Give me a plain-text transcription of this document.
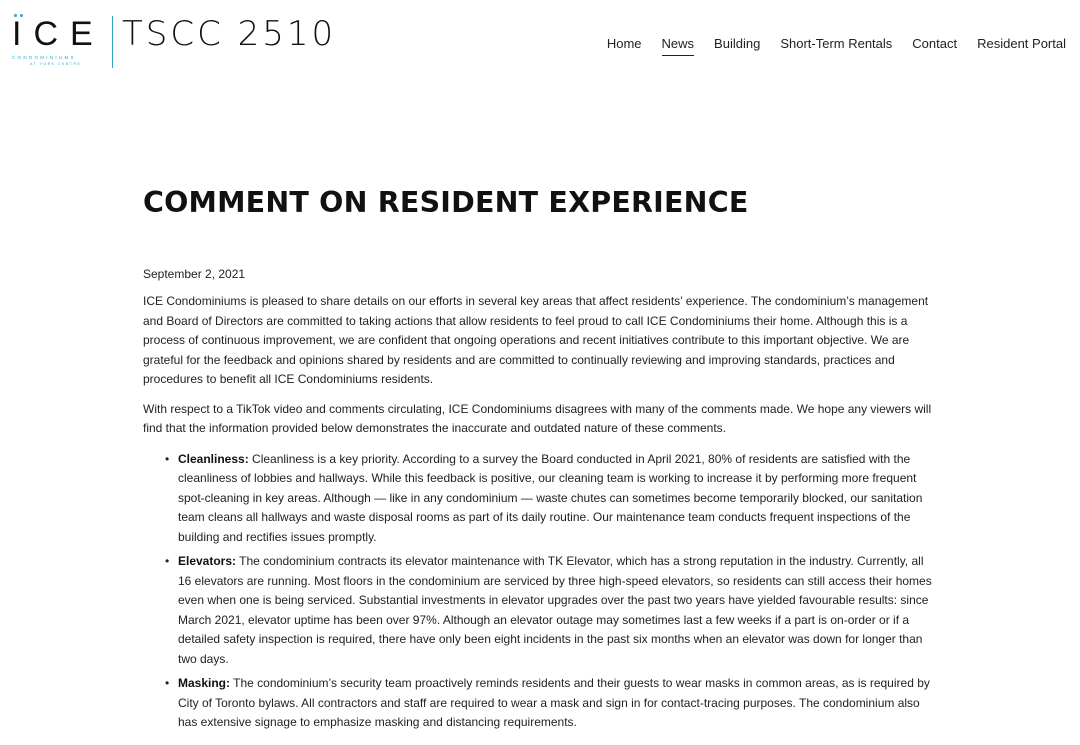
ICE
CONDOMINIUMS
AT YORK CENTRE
TSCC 2510	Home News Building Short-Term Rentals Contact Resident Portal
COMMENT ON RESIDENT EXPERIENCE
September 2, 2021

ICE Condominiums is pleased to share details on our efforts in several key areas that affect residents’ experience. The condominium’s management and Board of Directors are committed to taking actions that allow residents to feel proud to call ICE Condominiums their home. Although this is a process of continuous improvement, we are confident that ongoing operations and recent initiatives contribute to this important objective. We are grateful for the feedback and opinions shared by residents and are committed to continually reviewing and improving standards, practices and procedures to benefit all ICE Condominiums residents.

With respect to a TikTok video and comments circulating, ICE Condominiums disagrees with many of the comments made. We hope any viewers will find that the information provided below demonstrates the inaccurate and outdated nature of these comments.

• Cleanliness: Cleanliness is a key priority. According to a survey the Board conducted in April 2021, 80% of residents are satisfied with the cleanliness of lobbies and hallways. While this feedback is positive, our cleaning team is working to increase it by performing more frequent spot-cleaning in key areas. Although — like in any condominium — waste chutes can sometimes become temporarily blocked, our sanitation team cleans all hallways and waste disposal rooms as part of its daily routine. Our maintenance team conducts frequent inspections of the building and rectifies issues promptly.
• Elevators: The condominium contracts its elevator maintenance with TK Elevator, which has a strong reputation in the industry. Currently, all 16 elevators are running. Most floors in the condominium are serviced by three high-speed elevators, so residents can still access their homes even when one is being serviced. Substantial investments in elevator upgrades over the past two years have yielded favourable results: since March 2021, elevator uptime has been over 97%. Although an elevator outage may sometimes last a few weeks if a part is on-order or if a detailed safety inspection is required, there have only been eight incidents in the past six months when an elevator was down for longer than two days.
• Masking: The condominium’s security team proactively reminds residents and their guests to wear masks in common areas, as is required by City of Toronto bylaws. All contractors and staff are required to wear a mask and sign in for contact-tracing purposes. The condominium also has extensive signage to emphasize masking and distancing requirements.
